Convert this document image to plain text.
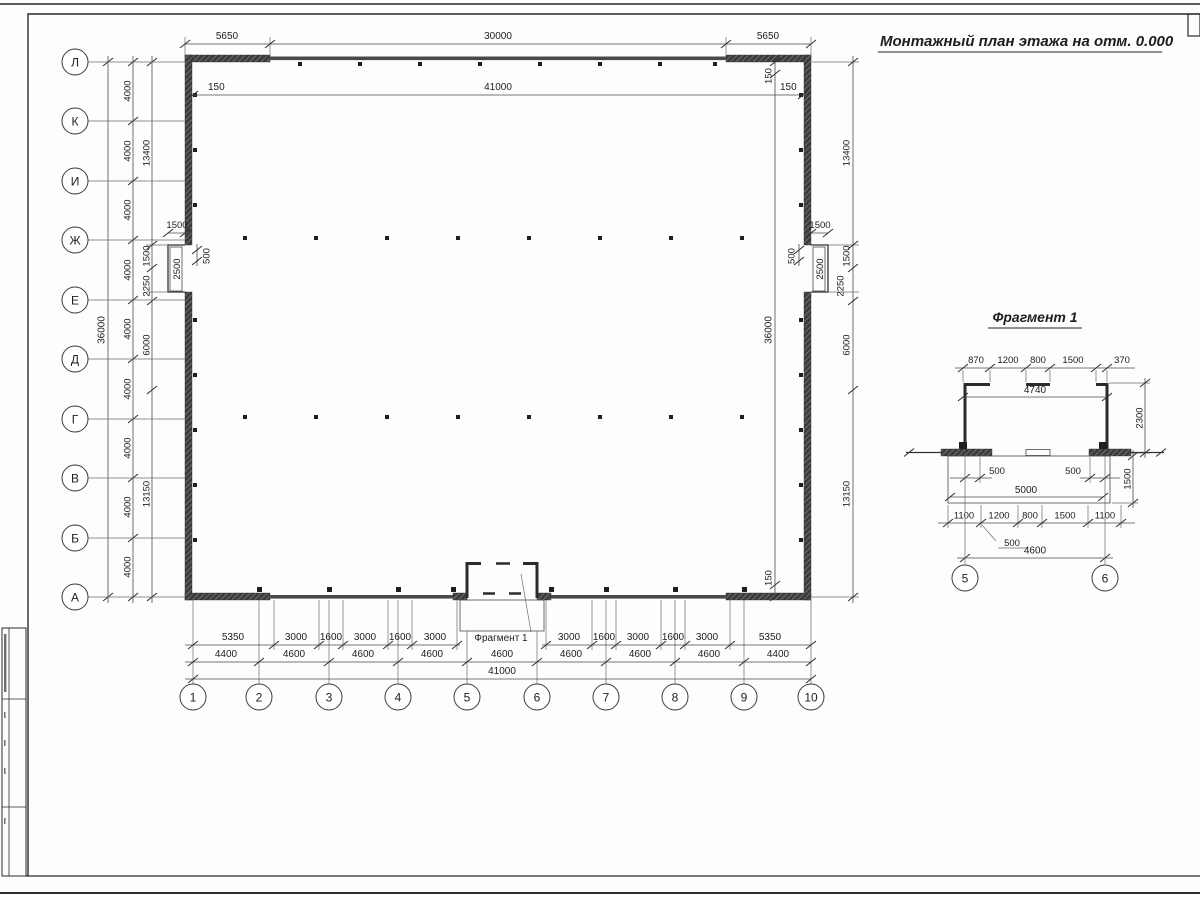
Монтажный план этажа на отм. 0.000
1500
2500
500
1500
2500
500
5650	30000	5650
150	41000	150
150
36000
150
36000
4000
4000
4000
4000
4000
4000
4000
4000
4000
13400
1500
2250
6000
13150
13400
1500
2250
6000
13150
Л
К
И
Ж
Е
Д
Г
В
Б
А
5350	3000 1600 3000 1600 3000	Фрагмент 1	3000 1600 3000 1600 3000	5350
4400	4600	4600	4600	4600	4600	4600	4600	4400
41000
1	2	3	4	5	6	7	8	9	10
Фрагмент 1
870 1200 800 1500	370
4740
2300
500	500	1500
5000
1100 1200 800 1500 1100
500
4600
5	6
